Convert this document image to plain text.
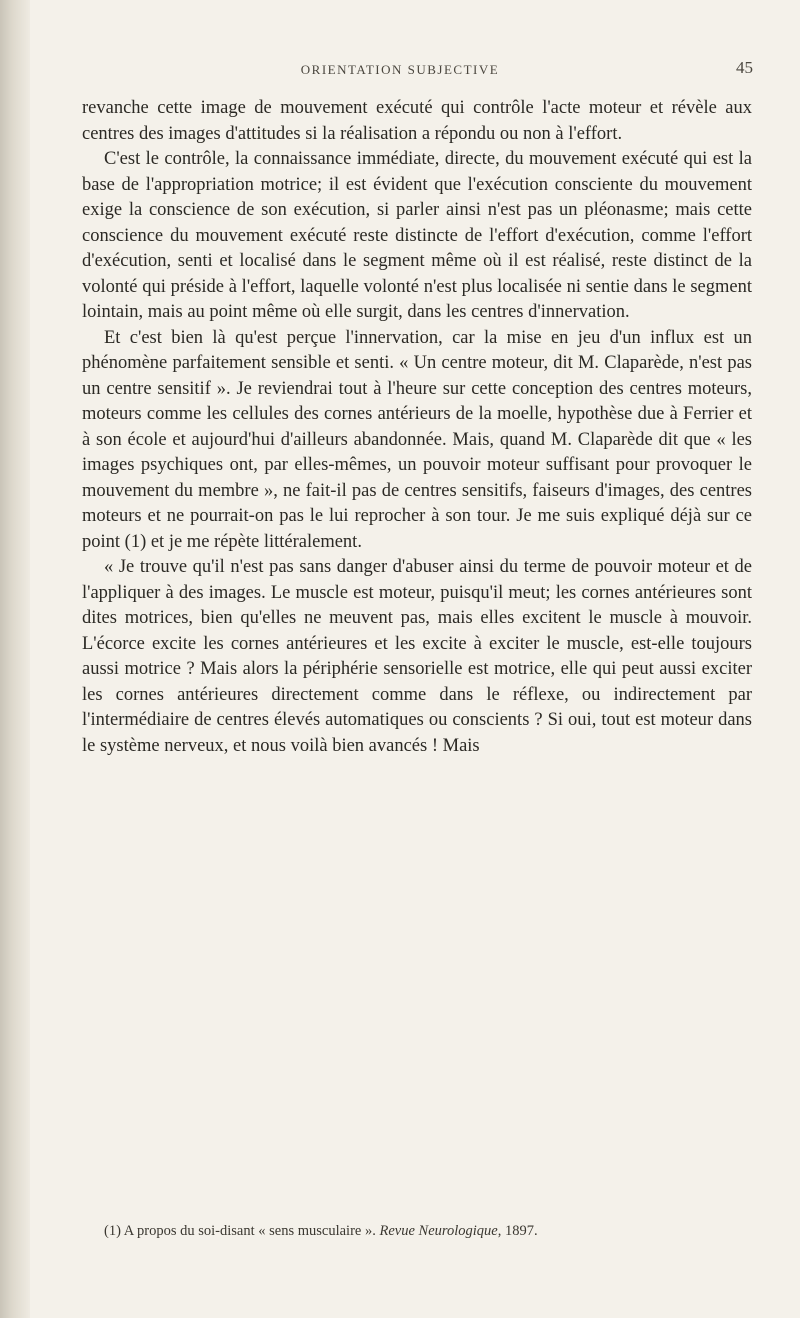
ORIENTATION SUBJECTIVE	45

revanche cette image de mouvement exécuté qui contrôle l'acte moteur et révèle aux centres des images d'attitudes si la réalisation a répondu ou non à l'effort.

C'est le contrôle, la connaissance immédiate, directe, du mouvement exécuté qui est la base de l'appropriation motrice; il est évident que l'exécution consciente du mouvement exige la conscience de son exécution, si parler ainsi n'est pas un pléonasme; mais cette conscience du mouvement exécuté reste distincte de l'effort d'exécution, comme l'effort d'exécution, senti et localisé dans le segment même où il est réalisé, reste distinct de la volonté qui préside à l'effort, laquelle volonté n'est plus localisée ni sentie dans le segment lointain, mais au point même où elle surgit, dans les centres d'innervation.

Et c'est bien là qu'est perçue l'innervation, car la mise en jeu d'un influx est un phénomène parfaitement sensible et senti. « Un centre moteur, dit M. Claparède, n'est pas un centre sensitif ». Je reviendrai tout à l'heure sur cette conception des centres moteurs, moteurs comme les cellules des cornes antérieurs de la moelle, hypothèse due à Ferrier et à son école et aujourd'hui d'ailleurs abandonnée. Mais, quand M. Claparède dit que « les images psychiques ont, par elles-mêmes, un pouvoir moteur suffisant pour provoquer le mouvement du membre », ne fait-il pas de centres sensitifs, faiseurs d'images, des centres moteurs et ne pourrait-on pas le lui reprocher à son tour. Je me suis expliqué déjà sur ce point (1) et je me répète littéralement.

« Je trouve qu'il n'est pas sans danger d'abuser ainsi du terme de pouvoir moteur et de l'appliquer à des images. Le muscle est moteur, puisqu'il meut; les cornes antérieures sont dites motrices, bien qu'elles ne meuvent pas, mais elles excitent le muscle à mouvoir. L'écorce excite les cornes antérieures et les excite à exciter le muscle, est-elle toujours aussi motrice ? Mais alors la périphérie sensorielle est motrice, elle qui peut aussi exciter les cornes antérieures directement comme dans le réflexe, ou indirectement par l'intermédiaire de centres élevés automatiques ou conscients ? Si oui, tout est moteur dans le système nerveux, et nous voilà bien avancés ! Mais

(1) A propos du soi-disant « sens musculaire ». Revue Neurologique, 1897.
